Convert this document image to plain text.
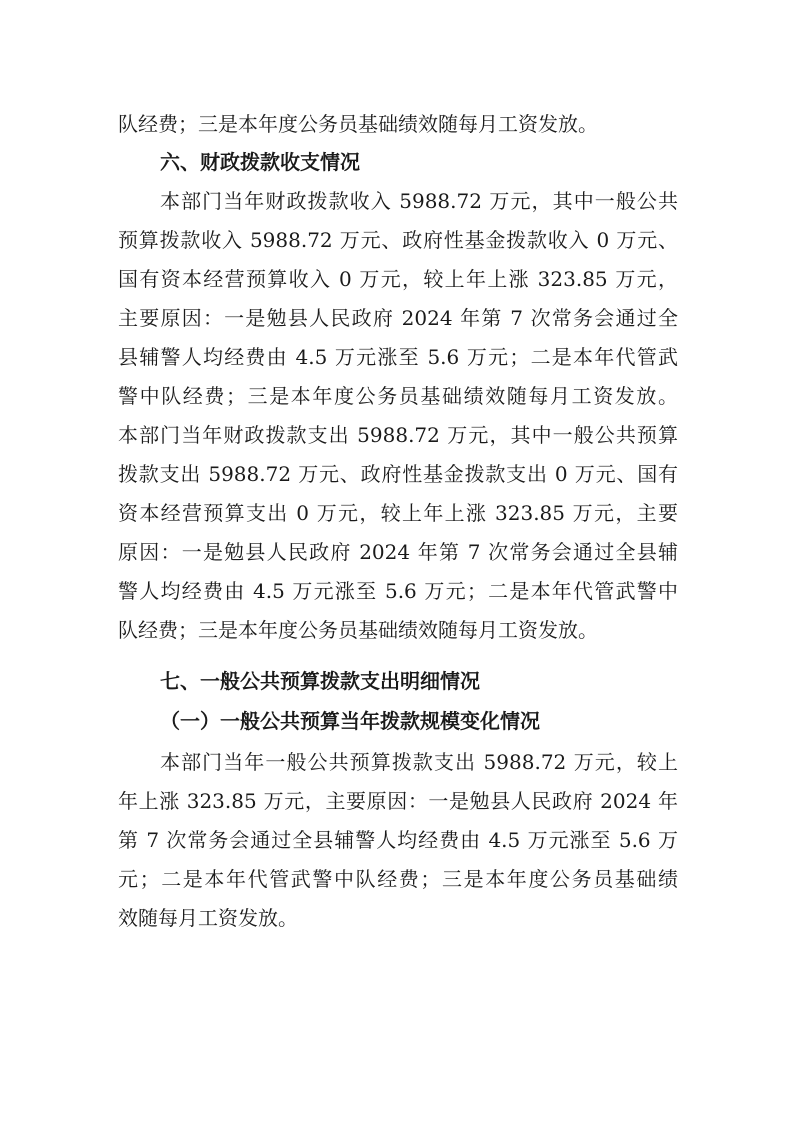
队经费；三是本年度公务员基础绩效随每月工资发放。
六、财政拨款收支情况
本部门当年财政拨款收入 5988.72 万元，其中一般公共
预算拨款收入 5988.72 万元、政府性基金拨款收入 0 万元、
国有资本经营预算收入 0 万元，较上年上涨 323.85 万元，
主要原因：一是勉县人民政府 2024 年第 7 次常务会通过全
县辅警人均经费由 4.5 万元涨至 5.6 万元；二是本年代管武
警中队经费；三是本年度公务员基础绩效随每月工资发放。
本部门当年财政拨款支出 5988.72 万元，其中一般公共预算
拨款支出 5988.72 万元、政府性基金拨款支出 0 万元、国有
资本经营预算支出 0 万元，较上年上涨 323.85 万元，主要
原因：一是勉县人民政府 2024 年第 7 次常务会通过全县辅
警人均经费由 4.5 万元涨至 5.6 万元；二是本年代管武警中
队经费；三是本年度公务员基础绩效随每月工资发放。
七、一般公共预算拨款支出明细情况
（一）一般公共预算当年拨款规模变化情况
本部门当年一般公共预算拨款支出 5988.72 万元，较上
年上涨 323.85 万元，主要原因：一是勉县人民政府 2024 年
第 7 次常务会通过全县辅警人均经费由 4.5 万元涨至 5.6 万
元；二是本年代管武警中队经费；三是本年度公务员基础绩
效随每月工资发放。
